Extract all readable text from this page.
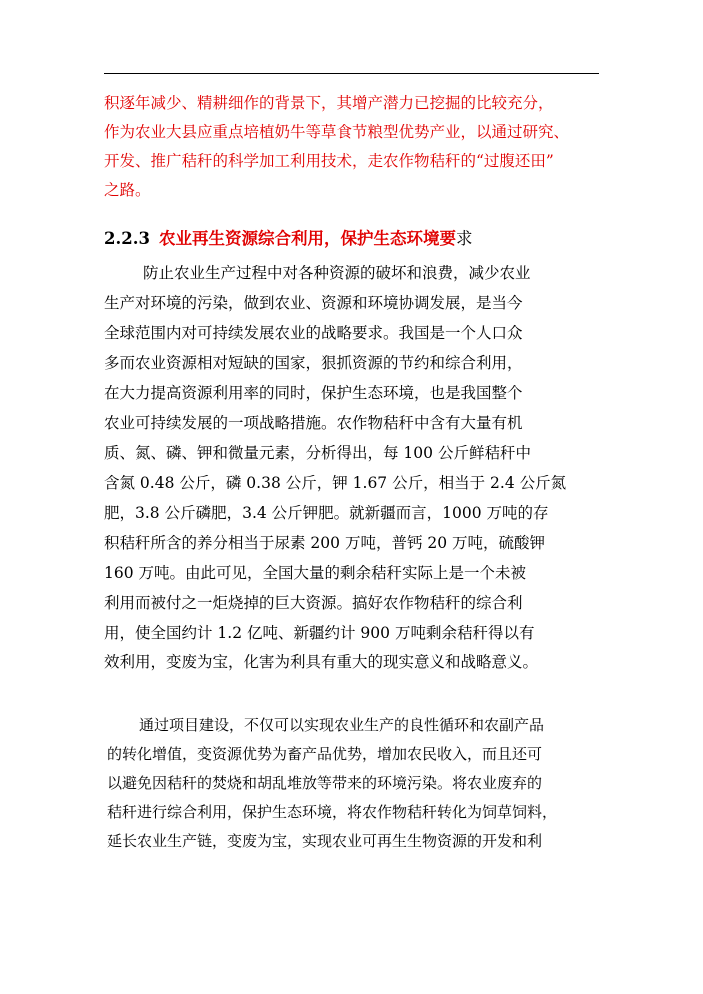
积逐年减少、精耕细作的背景下，其增产潜力已挖掘的比较充分，
作为农业大县应重点培植奶牛等草食节粮型优势产业，以通过研究、
开发、推广秸秆的科学加工利用技术，走农作物秸秆的“过腹还田”
之路。
2.2.3 农业再生资源综合利用，保护生态环境要求
防止农业生产过程中对各种资源的破坏和浪费，减少农业
生产对环境的污染，做到农业、资源和环境协调发展，是当今
全球范围内对可持续发展农业的战略要求。我国是一个人口众
多而农业资源相对短缺的国家，狠抓资源的节约和综合利用，
在大力提高资源利用率的同时，保护生态环境，也是我国整个
农业可持续发展的一项战略措施。农作物秸秆中含有大量有机
质、氮、磷、钾和微量元素，分析得出，每 100 公斤鲜秸秆中
含氮 0.48 公斤，磷 0.38 公斤，钾 1.67 公斤，相当于 2.4 公斤氮
肥，3.8 公斤磷肥，3.4 公斤钾肥。就新疆而言，1000 万吨的存
积秸秆所含的养分相当于尿素 200 万吨，普钙 20 万吨，硫酸钾
160 万吨。由此可见，全国大量的剩余秸秆实际上是一个未被
利用而被付之一炬烧掉的巨大资源。搞好农作物秸秆的综合利
用，使全国约计 1.2 亿吨、新疆约计 900 万吨剩余秸秆得以有
效利用，变废为宝，化害为利具有重大的现实意义和战略意义。
通过项目建设，不仅可以实现农业生产的良性循环和农副产品
的转化增值，变资源优势为畜产品优势，增加农民收入，而且还可
以避免因秸秆的焚烧和胡乱堆放等带来的环境污染。将农业废弃的
秸秆进行综合利用，保护生态环境，将农作物秸秆转化为饲草饲料，
延长农业生产链，变废为宝，实现农业可再生生物资源的开发和利
